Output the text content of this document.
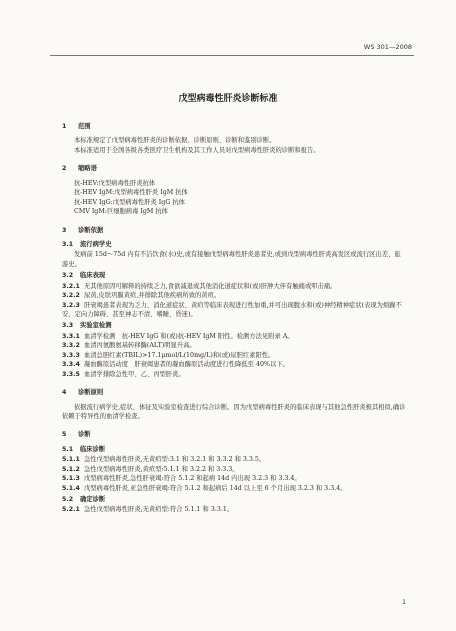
WS 301—2008
戊型病毒性肝炎诊断标准
1 范围

本标准规定了戊型病毒性肝炎的诊断依据、诊断原则、诊断和鉴别诊断。

本标准适用于全国各级各类医疗卫生机构及其工作人员对戊型病毒性肝炎的诊断和报告。

2 缩略语

抗-HEV:戊型病毒性肝炎抗体

抗-HEV IgM:戊型病毒性肝炎 IgM 抗体

抗-HEV IgG:戊型病毒性肝炎 IgG 抗体

CMV IgM:巨细胞病毒 IgM 抗体

3 诊断依据
3.1 流行病学史

发病前 15d～75d 内有不洁饮食(水)史,或有接触戊型病毒性肝炎患者史,或到戊型病毒性肝炎高发区或流行区出差、旅游史。

3.2 临床表现

3.2.1 无其他原因可解释的持续乏力,食欲减退或其他消化道症状和(或)肝肿大伴有触痛或叩击痛。

3.2.2 尿黄,皮肤巩膜黄疸,并排除其他疾病所致的黄疸。

3.2.3 肝衰竭患者表现为乏力、消化道症状、黄疸等临床表现进行性加重,并可出现腹水和(或)神经精神症状(表现为烦躁不安、定向力障碍、甚至神志不清、嗜睡、昏迷)。

3.3 实验室检测

3.3.1 血清学检测　抗-HEV IgG 和(或)抗-HEV IgM 阳性。检测方法见附录 A。

3.3.2 血清丙氨酸氨基转移酶(ALT)明显升高。

3.3.3 血清总胆红素(TBIL)>17.1μmol/L(10mg/L)和(或)尿胆红素阳性。

3.3.4 凝血酶原活动度　肝衰竭患者的凝血酶原活动度进行性降低至 40%以下。

3.3.5 血清学排除急性甲、乙、丙型肝炎。

4 诊断原则

依据流行病学史,症状、体征及实验室检查进行综合诊断。因为戊型病毒性肝炎的临床表现与其他急性肝炎极其相似,确诊依赖于特异性的血清学检查。

5 诊断
5.1 临床诊断

5.1.1 急性戊型病毒性肝炎,无黄疸型:3.1 和 3.2.1 和 3.3.2 和 3.3.5。

5.1.2 急性戊型病毒性肝炎,黄疸型:5.1.1 和 3.2.2 和 3.3.3。

5.1.3 戊型病毒性肝炎,急性肝衰竭:符合 5.1.2 和起病 14d 内出现 3.2.3 和 3.3.4。

5.1.4 戊型病毒性肝炎,亚急性肝衰竭:符合 5.1.2 和起病后 14d 以上至 6 个月出现 3.2.3 和 3.3.4。

5.2 确定诊断

5.2.1 急性戊型病毒性肝炎,无黄疸型:符合 5.1.1 和 3.3.1。

1
